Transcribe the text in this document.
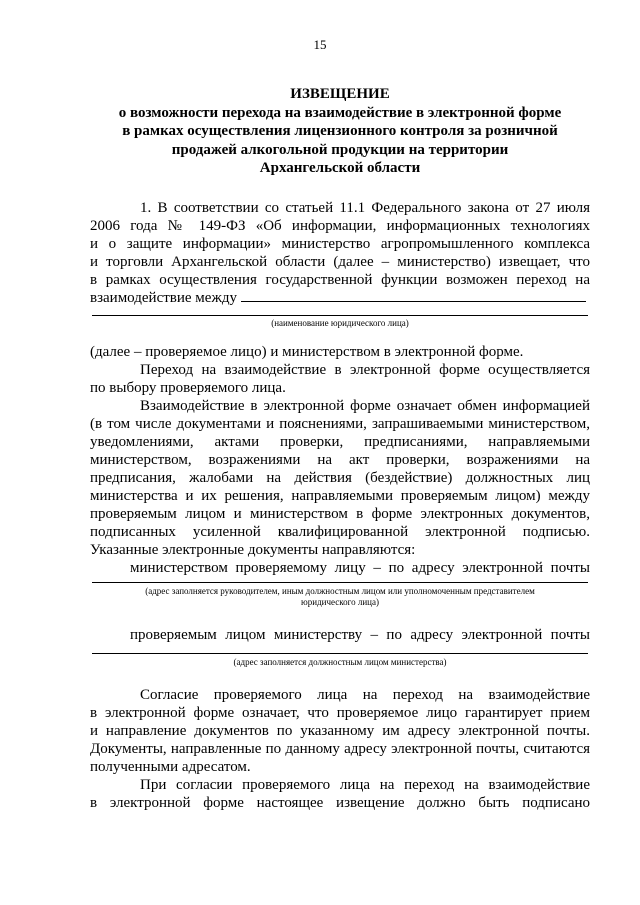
15
ИЗВЕЩЕНИЕ
о возможности перехода на взаимодействие в электронной форме
в рамках осуществления лицензионного контроля за розничной
продажей алкогольной продукции на территории
Архангельской области
1. В соответствии со статьей 11.1 Федерального закона от 27 июля
2006 года № 149-ФЗ «Об информации, информационных технологиях
и о защите информации» министерство агропромышленного комплекса
и торговли Архангельской области (далее – министерство) извещает, что
в рамках осуществления государственной функции возможен переход на
взаимодействие между
(наименование юридического лица)
(далее – проверяемое лицо) и министерством в электронной форме.
Переход на взаимодействие в электронной форме осуществляется
по выбору проверяемого лица.
Взаимодействие в электронной форме означает обмен информацией
(в том числе документами и пояснениями, запрашиваемыми министерством,
уведомлениями, актами проверки, предписаниями, направляемыми
министерством, возражениями на акт проверки, возражениями на
предписания, жалобами на действия (бездействие) должностных лиц
министерства и их решения, направляемыми проверяемым лицом) между
проверяемым лицом и министерством в форме электронных документов,
подписанных усиленной квалифицированной электронной подписью.
Указанные электронные документы направляются:
министерством проверяемому лицу – по адресу электронной почты
(адрес заполняется руководителем, иным должностным лицом или уполномоченным представителем
юридического лица)
проверяемым лицом министерству – по адресу электронной почты
(адрес заполняется должностным лицом министерства)
Согласие проверяемого лица на переход на взаимодействие
в электронной форме означает, что проверяемое лицо гарантирует прием
и направление документов по указанному им адресу электронной почты.
Документы, направленные по данному адресу электронной почты, считаются
полученными адресатом.
При согласии проверяемого лица на переход на взаимодействие
в электронной форме настоящее извещение должно быть подписано
